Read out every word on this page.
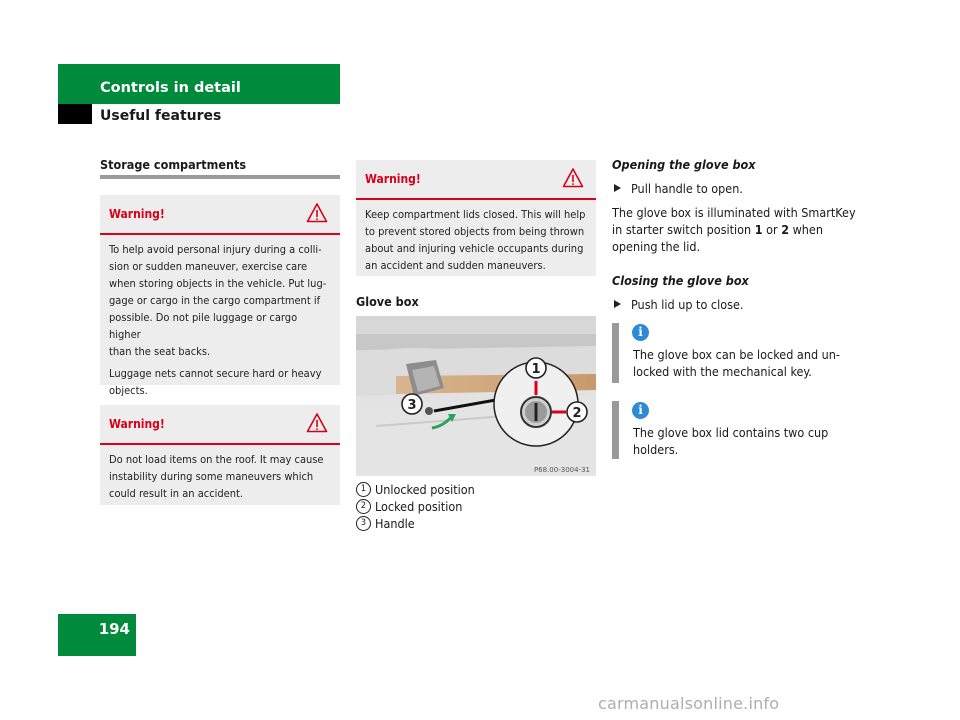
Controls in detail
Useful features
194
Storage compartments
Warning!

To help avoid personal injury during a colli-
sion or sudden maneuver, exercise care
when storing objects in the vehicle. Put lug-
gage or cargo in the cargo compartment if
possible. Do not pile luggage or cargo higher
than the seat backs.

Luggage nets cannot secure hard or heavy
objects.

Warning!
Do not load items on the roof. It may cause
instability during some maneuvers which
could result in an accident.
Warning!
Keep compartment lids closed. This will help
to prevent stored objects from being thrown
about and injuring vehicle occupants during
an accident and sudden maneuvers.
Glove box
1
2
3
P68.00-3004-31
1 Unlocked position
2 Locked position
3 Handle
Opening the glove box
Pull handle to open.
The glove box is illuminated with SmartKey
in starter switch position 1 or 2 when
opening the lid.
Closing the glove box
Push lid up to close.
i
The glove box can be locked and un-
locked with the mechanical key.
i
The glove box lid contains two cup
holders.
carmanualsonline.info
